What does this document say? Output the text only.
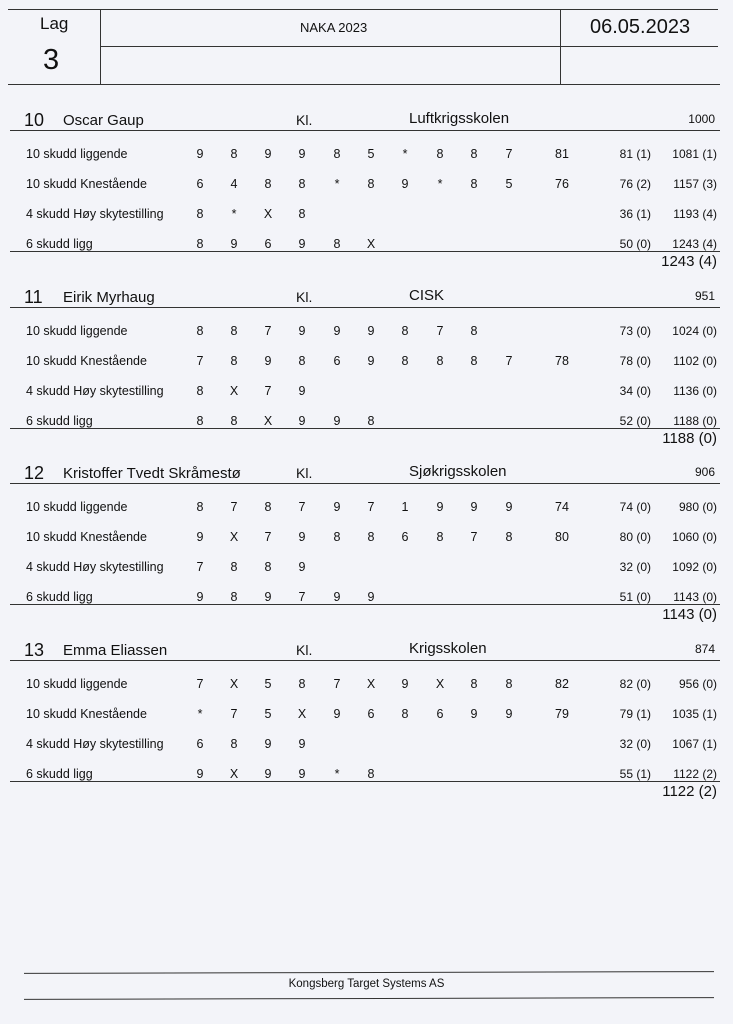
Lag
3
NAKA 2023	06.05.2023
10 Oscar Gaup	Kl.	Luftkrigsskolen	1000
10 skudd liggende	9	8	9	9	8	5	*	8	8	7	81	81 (1) 1081 (1)
10 skudd Knestående	6	4	8	8	*	8	9	*	8	5	76	76 (2) 1157 (3)
4 skudd Høy skytestilling	8	*	X	8	36 (1) 1193 (4)
6 skudd ligg	8	9	6	9	8	X	50 (0) 1243 (4)
1243 (4)
11 Eirik Myrhaug	Kl.	CISK	951
10 skudd liggende	8	8	7	9	9	9	8	7	8	73 (0) 1024 (0)
10 skudd Knestående	7	8	9	8	6	9	8	8	8	7	78	78 (0) 1102 (0)
4 skudd Høy skytestilling	8	X	7	9	34 (0) 1136 (0)
6 skudd ligg	8	8	X	9	9	8	52 (0) 1188 (0)
1188 (0)
12 Kristoffer Tvedt Skråmestø	Kl.	Sjøkrigsskolen	906
10 skudd liggende	8	7	8	7	9	7	1	9	9	9	74	74 (0) 980 (0)
10 skudd Knestående	9	X	7	9	8	8	6	8	7	8	80	80 (0) 1060 (0)
4 skudd Høy skytestilling	7	8	8	9	32 (0) 1092 (0)
6 skudd ligg	9	8	9	7	9	9	51 (0) 1143 (0)
1143 (0)
13 Emma Eliassen	Kl.	Krigsskolen	874
10 skudd liggende	7	X	5	8	7	X	9	X	8	8	82	82 (0) 956 (0)
10 skudd Knestående	*	7	5	X	9	6	8	6	9	9	79	79 (1) 1035 (1)
4 skudd Høy skytestilling	6	8	9	9	32 (0) 1067 (1)
6 skudd ligg	9	X	9	9	*	8	55 (1) 1122 (2)
1122 (2)
Kongsberg Target Systems AS
